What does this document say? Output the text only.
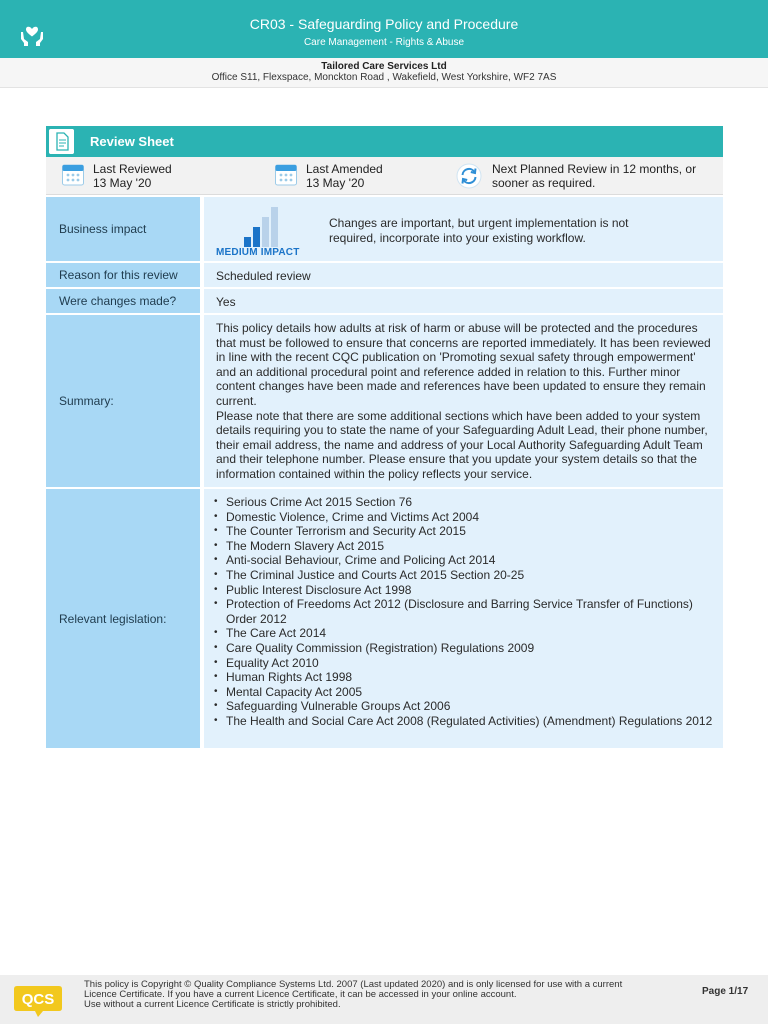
CR03 - Safeguarding Policy and Procedure
Care Management - Rights & Abuse
Tailored Care Services Ltd
Office S11, Flexspace, Monckton Road , Wakefield, West Yorkshire, WF2 7AS
Review Sheet
Last Reviewed
13 May '20
Last Amended
13 May '20
Next Planned Review in 12 months, or
sooner as required.
Business impact
MEDIUM IMPACT
Changes are important, but urgent implementation is not required, incorporate into your existing workflow.
Reason for this review	Scheduled review
Were changes made?	Yes
Summary:

This policy details how adults at risk of harm or abuse will be protected and the procedures that must be followed to ensure that concerns are reported immediately. It has been reviewed in line with the recent CQC publication on 'Promoting sexual safety through empowerment' and an additional procedural point and reference added in relation to this. Further minor content changes have been made and references have been updated to ensure they remain current.

Please note that there are some additional sections which have been added to your system details requiring you to state the name of your Safeguarding Adult Lead, their phone number, their email address, the name and address of your Local Authority Safeguarding Adult Team and their telephone number. Please ensure that you update your system details so that the information contained within the policy reflects your service.

Relevant legislation:
• Serious Crime Act 2015 Section 76
• Domestic Violence, Crime and Victims Act 2004
• The Counter Terrorism and Security Act 2015
• The Modern Slavery Act 2015
• Anti-social Behaviour, Crime and Policing Act 2014
• The Criminal Justice and Courts Act 2015 Section 20-25
• Public Interest Disclosure Act 1998
• Protection of Freedoms Act 2012 (Disclosure and Barring Service Transfer of Functions) Order 2012
• The Care Act 2014
• Care Quality Commission (Registration) Regulations 2009
• Equality Act 2010
• Human Rights Act 1998
• Mental Capacity Act 2005
• Safeguarding Vulnerable Groups Act 2006
• The Health and Social Care Act 2008 (Regulated Activities) (Amendment) Regulations 2012
QCS
This policy is Copyright © Quality Compliance Systems Ltd. 2007 (Last updated 2020) and is only licensed for use with a current
Licence Certificate. If you have a current Licence Certificate, it can be accessed in your online account.
Use without a current Licence Certificate is strictly prohibited.
Page 1/17
